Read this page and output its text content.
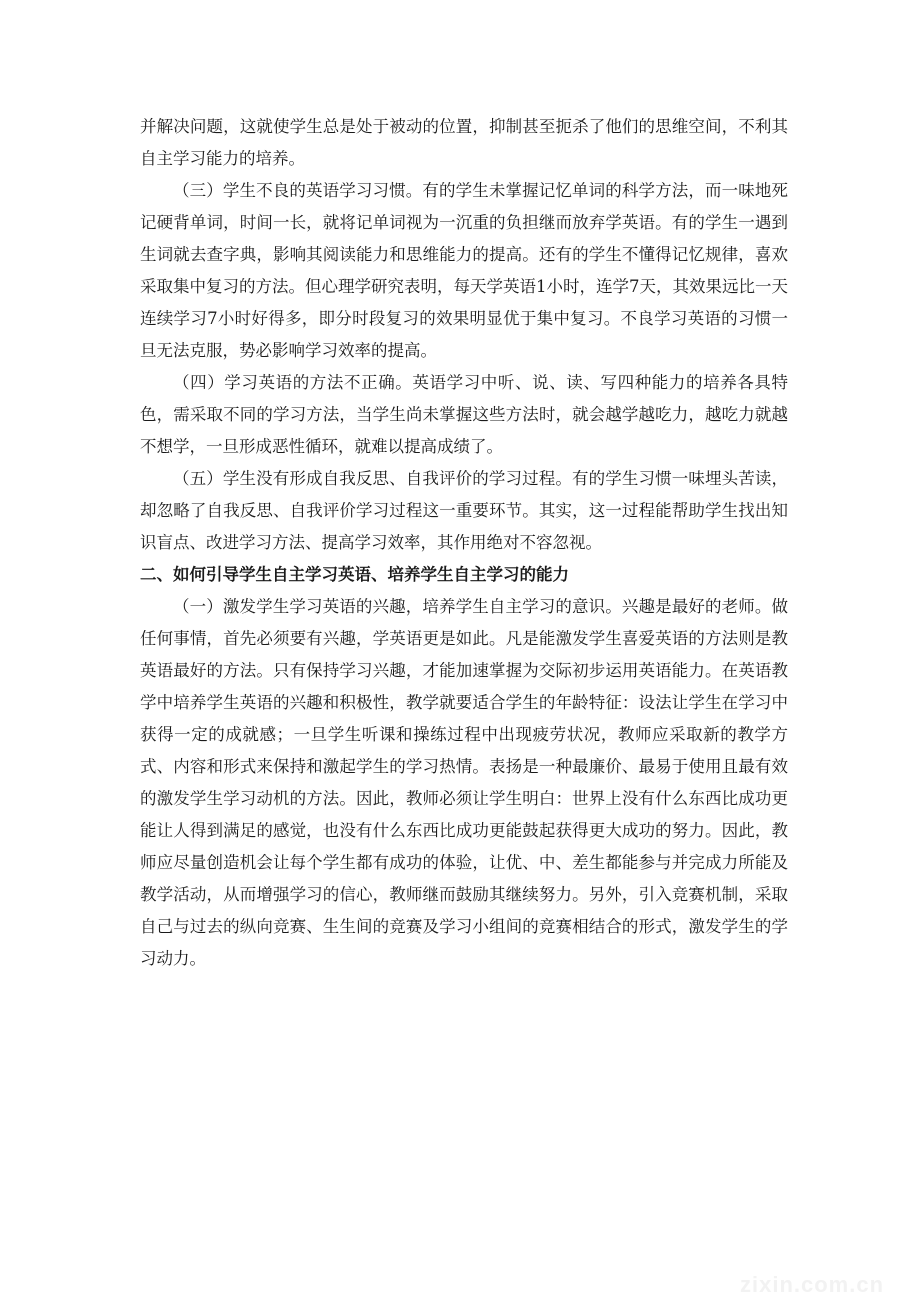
并解决问题，这就使学生总是处于被动的位置，抑制甚至扼杀了他们的思维空间，不利其自主学习能力的培养。

（三）学生不良的英语学习习惯。有的学生未掌握记忆单词的科学方法，而一味地死记硬背单词，时间一长，就将记单词视为一沉重的负担继而放弃学英语。有的学生一遇到生词就去查字典，影响其阅读能力和思维能力的提高。还有的学生不懂得记忆规律，喜欢采取集中复习的方法。但心理学研究表明，每天学英语1小时，连学7天，其效果远比一天连续学习7小时好得多，即分时段复习的效果明显优于集中复习。不良学习英语的习惯一旦无法克服，势必影响学习效率的提高。

（四）学习英语的方法不正确。英语学习中听、说、读、写四种能力的培养各具特色，需采取不同的学习方法，当学生尚未掌握这些方法时，就会越学越吃力，越吃力就越不想学，一旦形成恶性循环，就难以提高成绩了。

（五）学生没有形成自我反思、自我评价的学习过程。有的学生习惯一味埋头苦读，却忽略了自我反思、自我评价学习过程这一重要环节。其实，这一过程能帮助学生找出知识盲点、改进学习方法、提高学习效率，其作用绝对不容忽视。

二、如何引导学生自主学习英语、培养学生自主学习的能力

（一）激发学生学习英语的兴趣，培养学生自主学习的意识。兴趣是最好的老师。做任何事情，首先必须要有兴趣，学英语更是如此。凡是能激发学生喜爱英语的方法则是教英语最好的方法。只有保持学习兴趣，才能加速掌握为交际初步运用英语能力。在英语教学中培养学生英语的兴趣和积极性，教学就要适合学生的年龄特征：设法让学生在学习中获得一定的成就感；一旦学生听课和操练过程中出现疲劳状况，教师应采取新的教学方式、内容和形式来保持和激起学生的学习热情。表扬是一种最廉价、最易于使用且最有效的激发学生学习动机的方法。因此，教师必须让学生明白：世界上没有什么东西比成功更能让人得到满足的感觉，也没有什么东西比成功更能鼓起获得更大成功的努力。因此，教师应尽量创造机会让每个学生都有成功的体验，让优、中、差生都能参与并完成力所能及教学活动，从而增强学习的信心，教师继而鼓励其继续努力。另外，引入竞赛机制，采取自己与过去的纵向竞赛、生生间的竞赛及学习小组间的竞赛相结合的形式，激发学生的学习动力。

zixin.com.cn
